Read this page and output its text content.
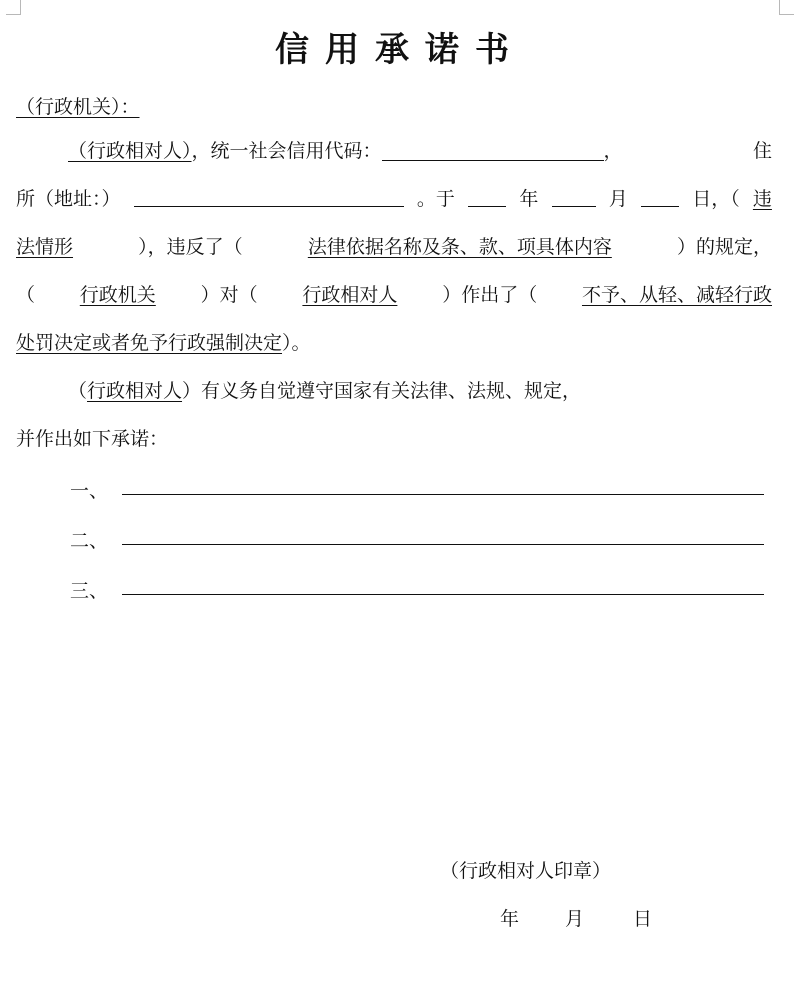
信用承诺书
（行政机关）：
（行政相对人），统一社会信用代码：	，	住
所（地址：）	。于	年	月	日，（ 违
法情形	），违反了（	法律依据名称及条、款、项具体内容	）的规定，
（ 行政机关 ）对（ 行政相对人 ）作出了（ 不予、从轻、减轻行政
处罚决定或者免予行政强制决定）。
（行政相对人）有义务自觉遵守国家有关法律、法规、规定，
并作出如下承诺：
一、
二、
三、
（行政相对人印章）
年 月	日
